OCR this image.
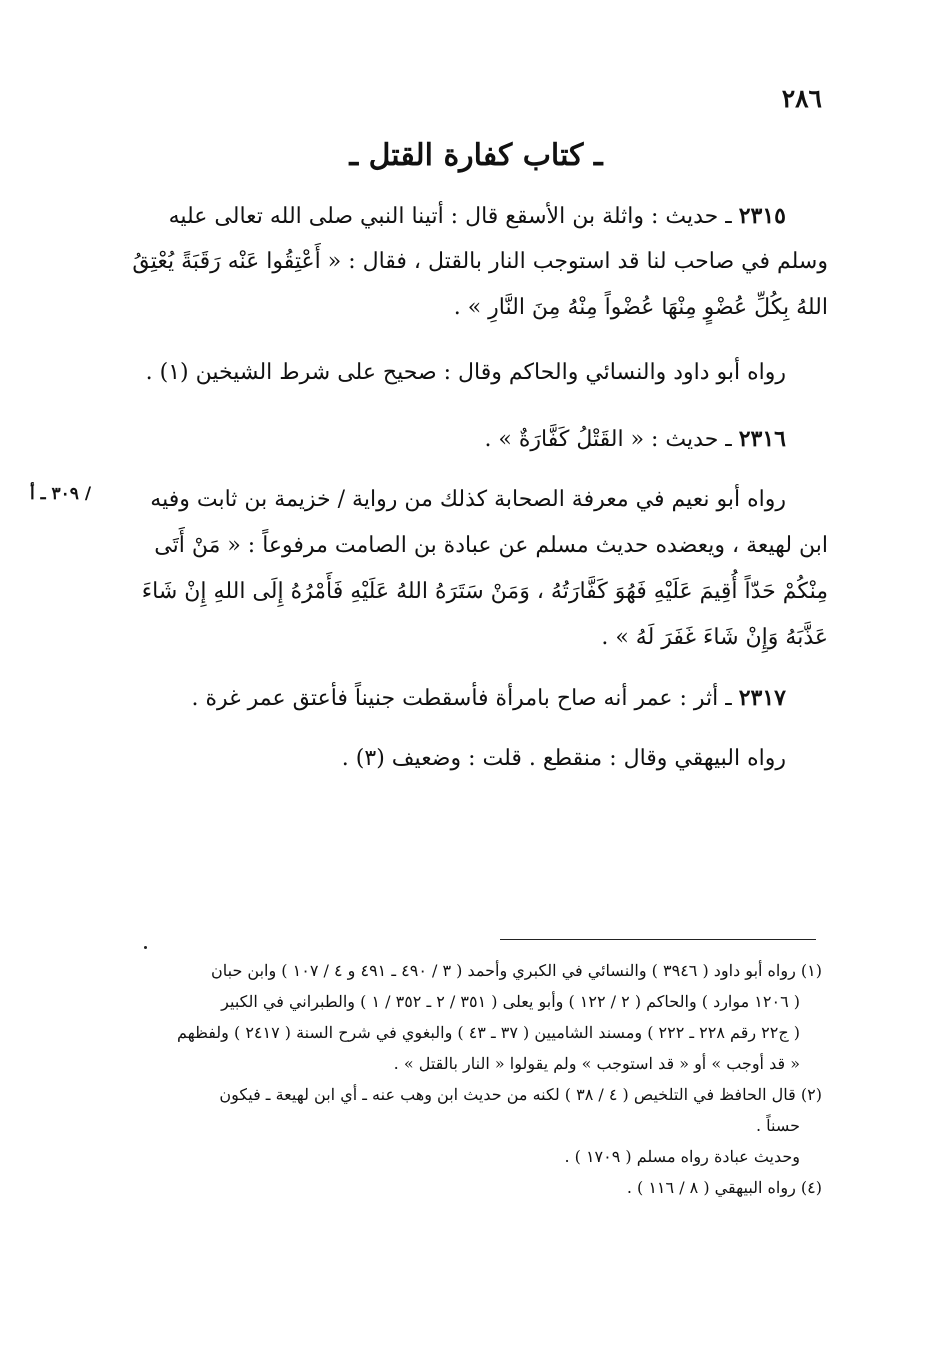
٢٨٦
ـ كتاب كفارة القتل ـ
٢٣١٥ ـ حديث : واثلة بن الأسقع قال : أتينا النبي صلى الله تعالى عليه
وسلم في صاحب لنا قد استوجب النار بالقتل ، فقال : « أَعْتِقُوا عَنْه رَقَبَةً يُعْتِقُ
اللهُ بِكُلِّ عُضْوٍ مِنْهَا عُضْواً مِنْهُ مِنَ النَّارِ » .
رواه أبو داود والنسائي والحاكم وقال : صحيح على شرط الشيخين (١) .
٢٣١٦ ـ حديث : « القَتْلُ كَفَّارَةٌ » .
/ ٣٠٩ ـ أ	رواه أبو نعيم في معرفة الصحابة كذلك من رواية / خزيمة بن ثابت وفيه
ابن لهيعة ، ويعضده حديث مسلم عن عبادة بن الصامت مرفوعاً : « مَنْ أَتَى
مِنْكُمْ حَدّاً أُقِيمَ عَلَيْهِ فَهُوَ كَفَّارَتُهُ ، وَمَنْ سَتَرَهُ اللهُ عَلَيْهِ فَأَمْرُهُ إِلَى اللهِ إِنْ شَاءَ
عَذَّبَهُ وَإِنْ شَاءَ غَفَرَ لَهُ » .
٢٣١٧ ـ أثر : عمر أنه صاح بامرأة فأسقطت جنيناً فأعتق عمر غرة .
رواه البيهقي وقال : منقطع . قلت : وضعيف (٣) .
(١) رواه أبو داود ( ٣٩٤٦ ) والنسائي في الكبري وأحمد ( ٣ / ٤٩٠ ـ ٤٩١ و ٤ / ١٠٧ ) وابن حبان
( ١٢٠٦ موارد ) والحاكم ( ٢ / ١٢٢ ) وأبو يعلى ( ٣٥١ / ٢ ـ ٣٥٢ / ١ ) والطبراني في الكبير
( ج٢٢ رقم ٢٢٨ ـ ٢٢٢ ) ومسند الشاميين ( ٣٧ ـ ٤٣ ) والبغوي في شرح السنة ( ٢٤١٧ ) ولفظهم
« قد أوجب » أو « قد استوجب » ولم يقولوا « النار بالقتل » .
(٢) قال الحافظ في التلخيص ( ٤ / ٣٨ ) لكنه من حديث ابن وهب عنه ـ أي ابن لهيعة ـ فيكون
حسناً .
وحديث عبادة رواه مسلم ( ١٧٠٩ ) .
(٤) رواه البيهقي ( ٨ / ١١٦ ) .
